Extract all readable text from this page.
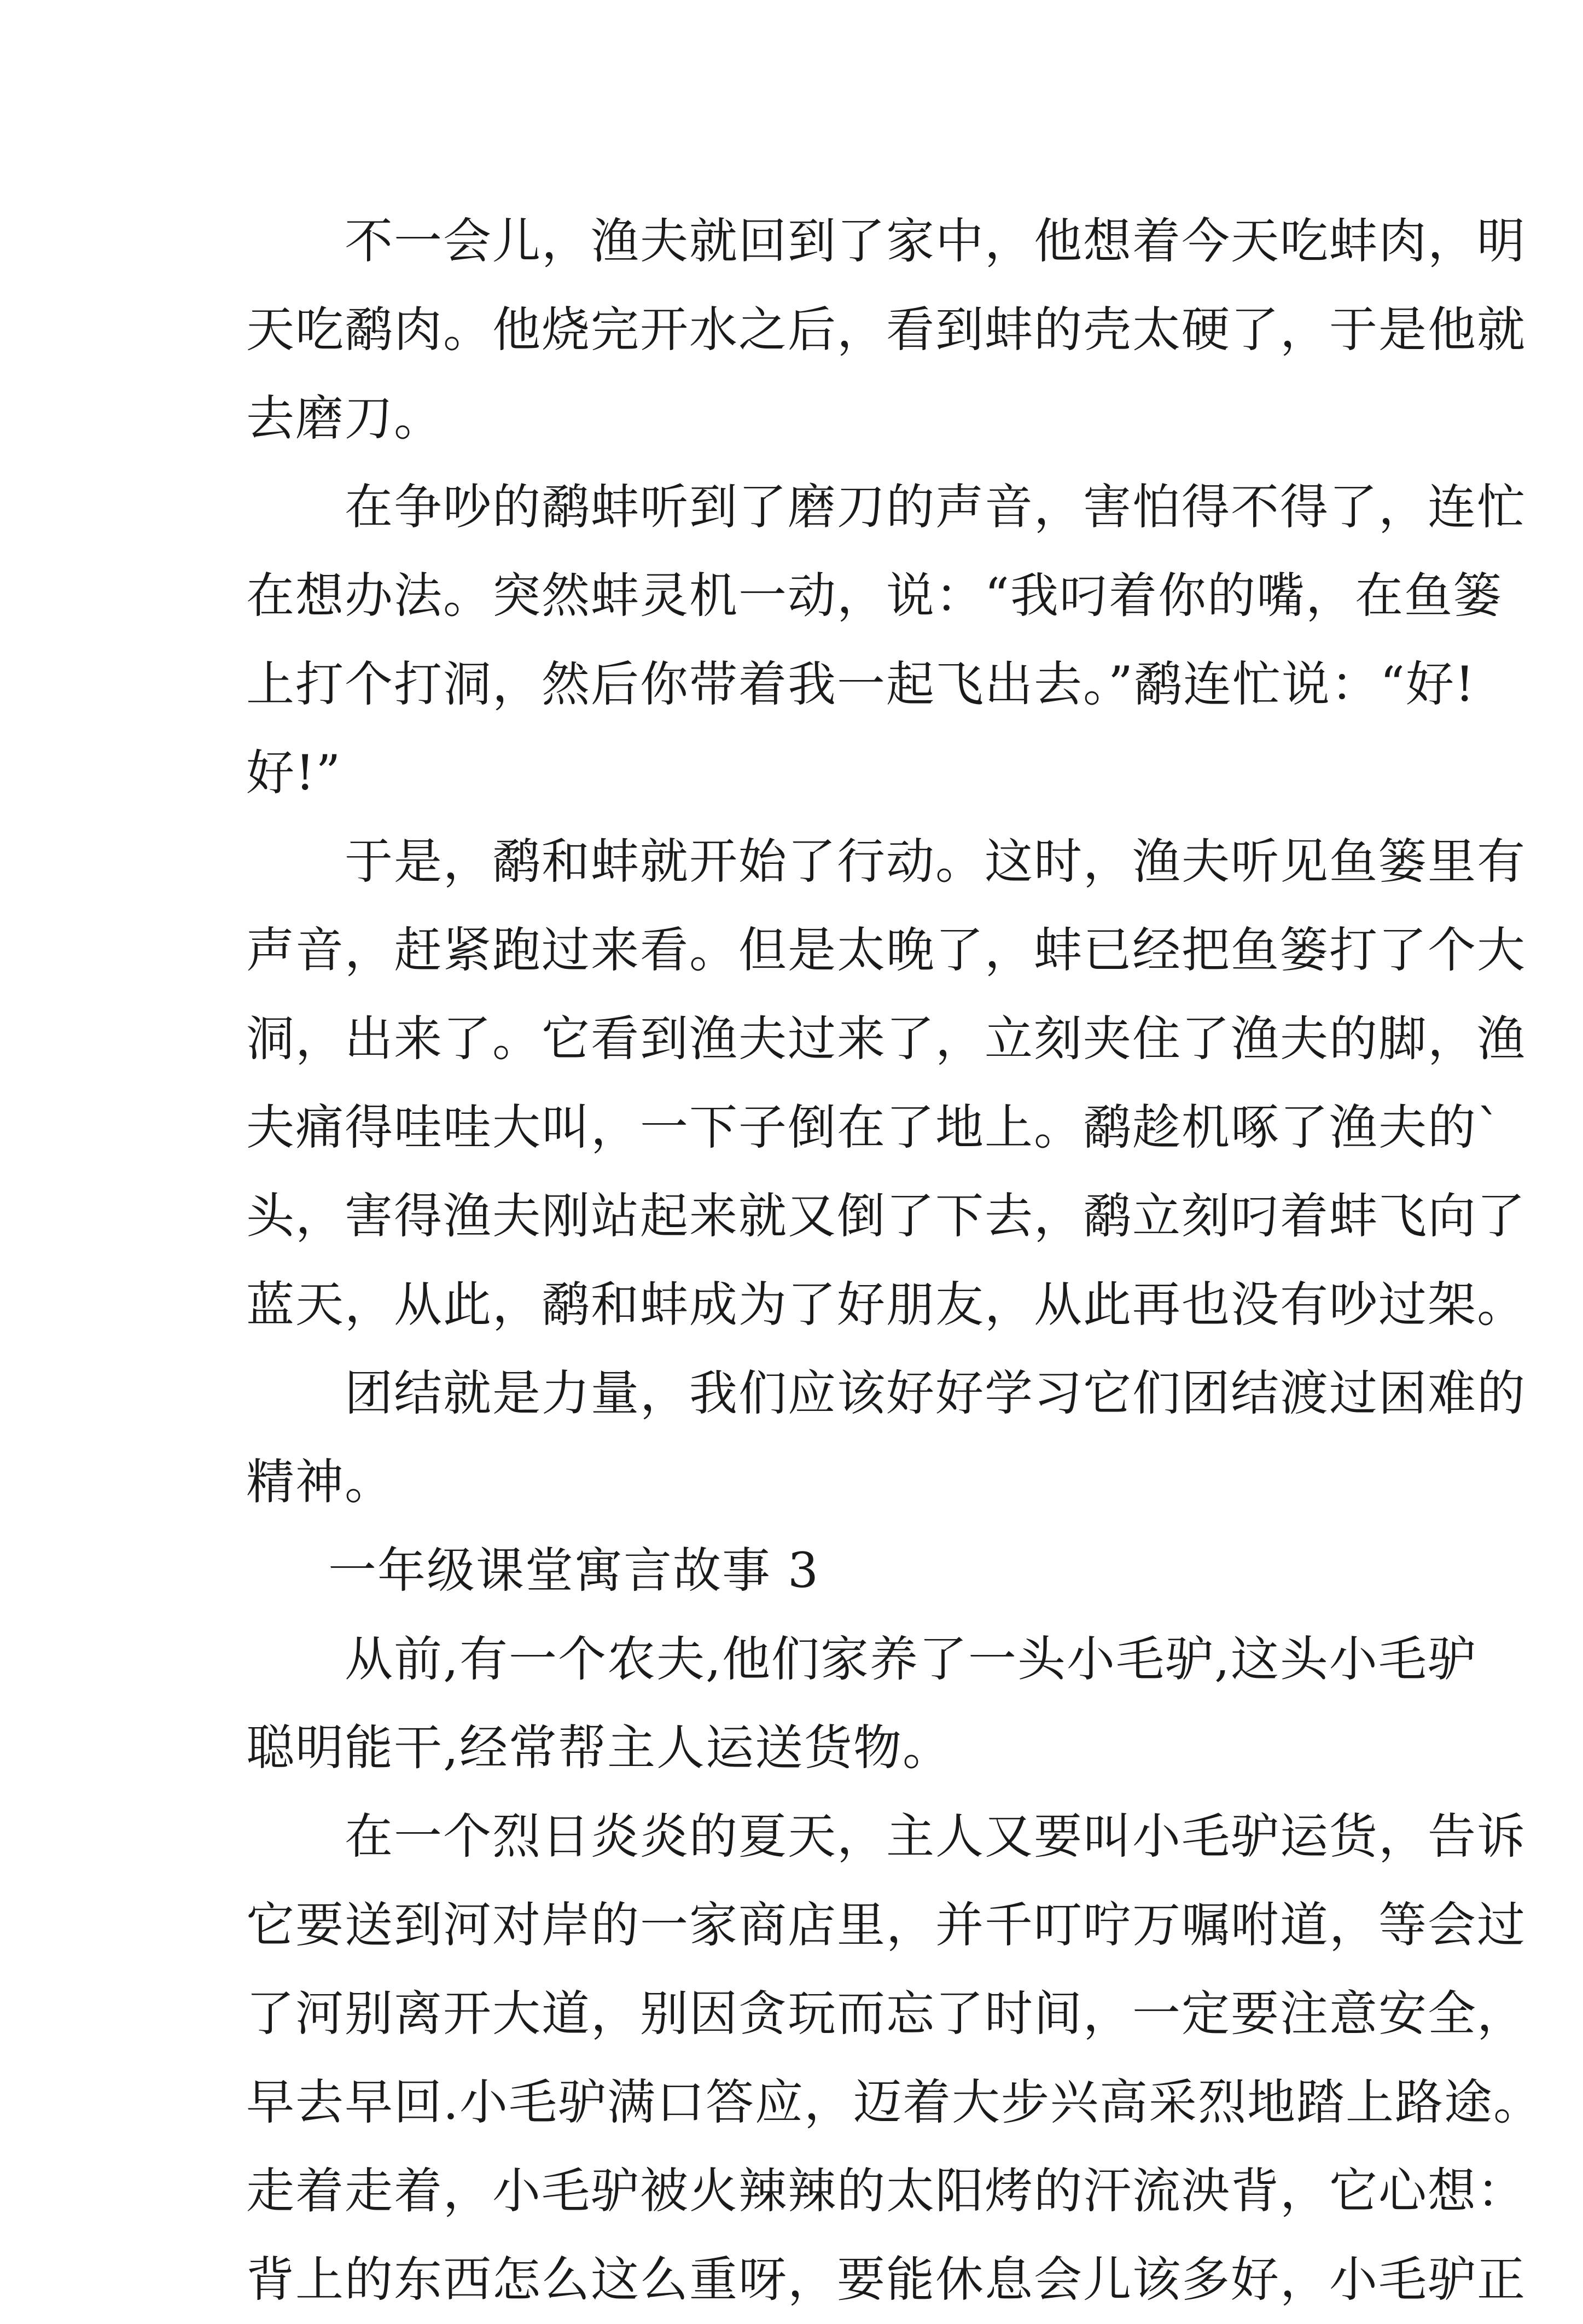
不一会儿，渔夫就回到了家中，他想着今天吃蚌肉，明
天吃鹬肉。他烧完开水之后，看到蚌的壳太硬了，于是他就
去磨刀。
在争吵的鹬蚌听到了磨刀的声音，害怕得不得了，连忙
在想办法。突然蚌灵机一动，说：“我叼着你的嘴，在鱼篓
上打个打洞，然后你带着我一起飞出去。”鹬连忙说：“好!
好!”
于是，鹬和蚌就开始了行动。这时，渔夫听见鱼篓里有
声音，赶紧跑过来看。但是太晚了，蚌已经把鱼篓打了个大
洞，出来了。它看到渔夫过来了，立刻夹住了渔夫的脚，渔
夫痛得哇哇大叫，一下子倒在了地上。鹬趁机啄了渔夫的`
头，害得渔夫刚站起来就又倒了下去，鹬立刻叼着蚌飞向了
蓝天，从此，鹬和蚌成为了好朋友，从此再也没有吵过架。
团结就是力量，我们应该好好学习它们团结渡过困难的
精神。
一年级课堂寓言故事 3
从前,有一个农夫,他们家养了一头小毛驴,这头小毛驴
聪明能干,经常帮主人运送货物。
在一个烈日炎炎的夏天，主人又要叫小毛驴运货，告诉
它要送到河对岸的一家商店里，并千叮咛万嘱咐道，等会过
了河别离开大道，别因贪玩而忘了时间，一定要注意安全，
早去早回.小毛驴满口答应，迈着大步兴高采烈地踏上路途。
走着走着，小毛驴被火辣辣的太阳烤的汗流泱背，它心想：
背上的东西怎么这么重呀，要能休息会儿该多好，小毛驴正
